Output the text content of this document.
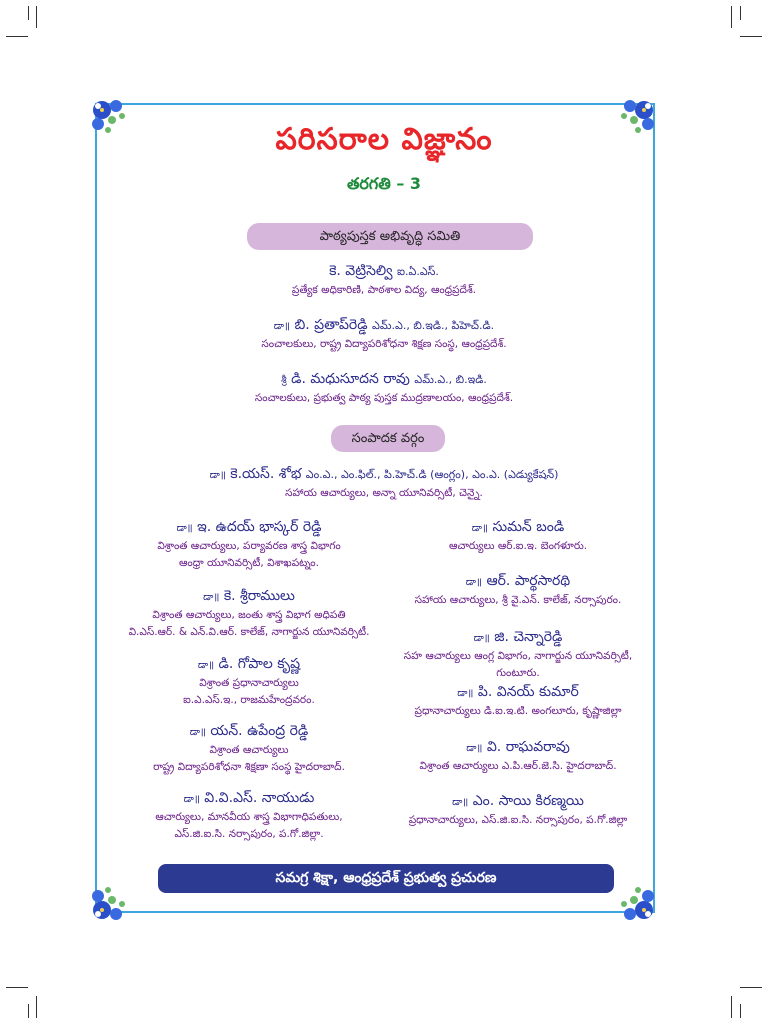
పరిసరాల విజ్ఞానం
తరగతి – 3
పాఠ్యపుస్తక అభివృద్ధి సమితి
కె. వెట్రిసెల్వి ఐ.ఏ.ఎస్.
ప్రత్యేక అధికారిణి, పాఠశాల విద్య, ఆంధ్రప్రదేశ్.
డా॥ బి. ప్రతాప్‌రెడ్డి ఎమ్.ఎ., బి.ఇడి., పిహెచ్.డి.
సంచాలకులు, రాష్ట్ర విద్యాపరిశోధనా శిక్షణ సంస్థ, ఆంధ్రప్రదేశ్.
శ్రీ డి. మధుసూదన రావు ఎమ్.ఎ., బి.ఇడి.
సంచాలకులు, ప్రభుత్వ పాఠ్య పుస్తక ముద్రణాలయం, ఆంధ్రప్రదేశ్.
సంపాదక వర్గం
డా॥ కె.యస్. శోభ ఎం.ఎ., ఎం.ఫిల్., పి.హెచ్.డి (ఆంగ్లం), ఎం.ఎ. (ఎడ్యుకేషన్)
సహాయ ఆచార్యులు, అన్నా యూనివర్సిటీ, చెన్నై.
డా॥ ఇ. ఉదయ్ భాస్కర్ రెడ్డి
విశ్రాంత ఆచార్యులు, పర్యావరణ శాస్త్ర విభాగం
ఆంధ్రా యూనివర్సిటీ, విశాఖపట్నం.
డా॥ కె. శ్రీరాములు
విశ్రాంత ఆచార్యులు, జంతు శాస్త్ర విభాగ అధిపతి
వి.ఎస్.ఆర్. & ఎన్.వి.ఆర్. కాలేజ్, నాగార్జున యూనివర్సిటీ.
డా॥ డి. గోపాల కృష్ణ
విశ్రాంత ప్రధానాచార్యులు
ఐ.ఎ.ఎస్.ఇ., రాజమహేంద్రవరం.
డా॥ యన్. ఉపేంద్ర రెడ్డి
విశ్రాంత ఆచార్యులు
రాష్ట్ర విద్యాపరిశోధనా శిక్షణా సంస్థ హైదరాబాద్.
డా॥ వి.వి.ఎస్. నాయుడు
ఆచార్యులు, మానవీయ శాస్త్ర విభాగాధిపతులు,
ఎస్.జి.ఐ.సి. నర్సాపురం, ప.గో.జిల్లా.
డా॥ సుమన్ బండి
ఆచార్యులు ఆర్.ఐ.ఇ. బెంగళూరు.
డా॥ ఆర్. పార్థసారథి
సహాయ ఆచార్యులు, శ్రీ వై.ఎన్. కాలేజ్, నర్సాపురం.
డా॥ జి. చెన్నారెడ్డి
సహ ఆచార్యులు ఆంగ్ల విభాగం, నాగార్జున యూనివర్సిటీ, గుంటూరు.
డా॥ పి. వినయ్ కుమార్
ప్రధానాచార్యులు డి.ఐ.ఇ.టి. అంగలూరు, కృష్ణాజిల్లా
డా॥ వి. రాఘవరావు
విశ్రాంత ఆచార్యులు ఎ.పి.ఆర్.జె.సి. హైదరాబాద్.
డా॥ ఎం. సాయి కిరణ్మయి
ప్రధానాచార్యులు, ఎస్.జి.ఐ.సి. నర్సాపురం, ప.గో.జిల్లా
సమగ్ర శిక్షా, ఆంధ్రప్రదేశ్ ప్రభుత్వ ప్రచురణ
